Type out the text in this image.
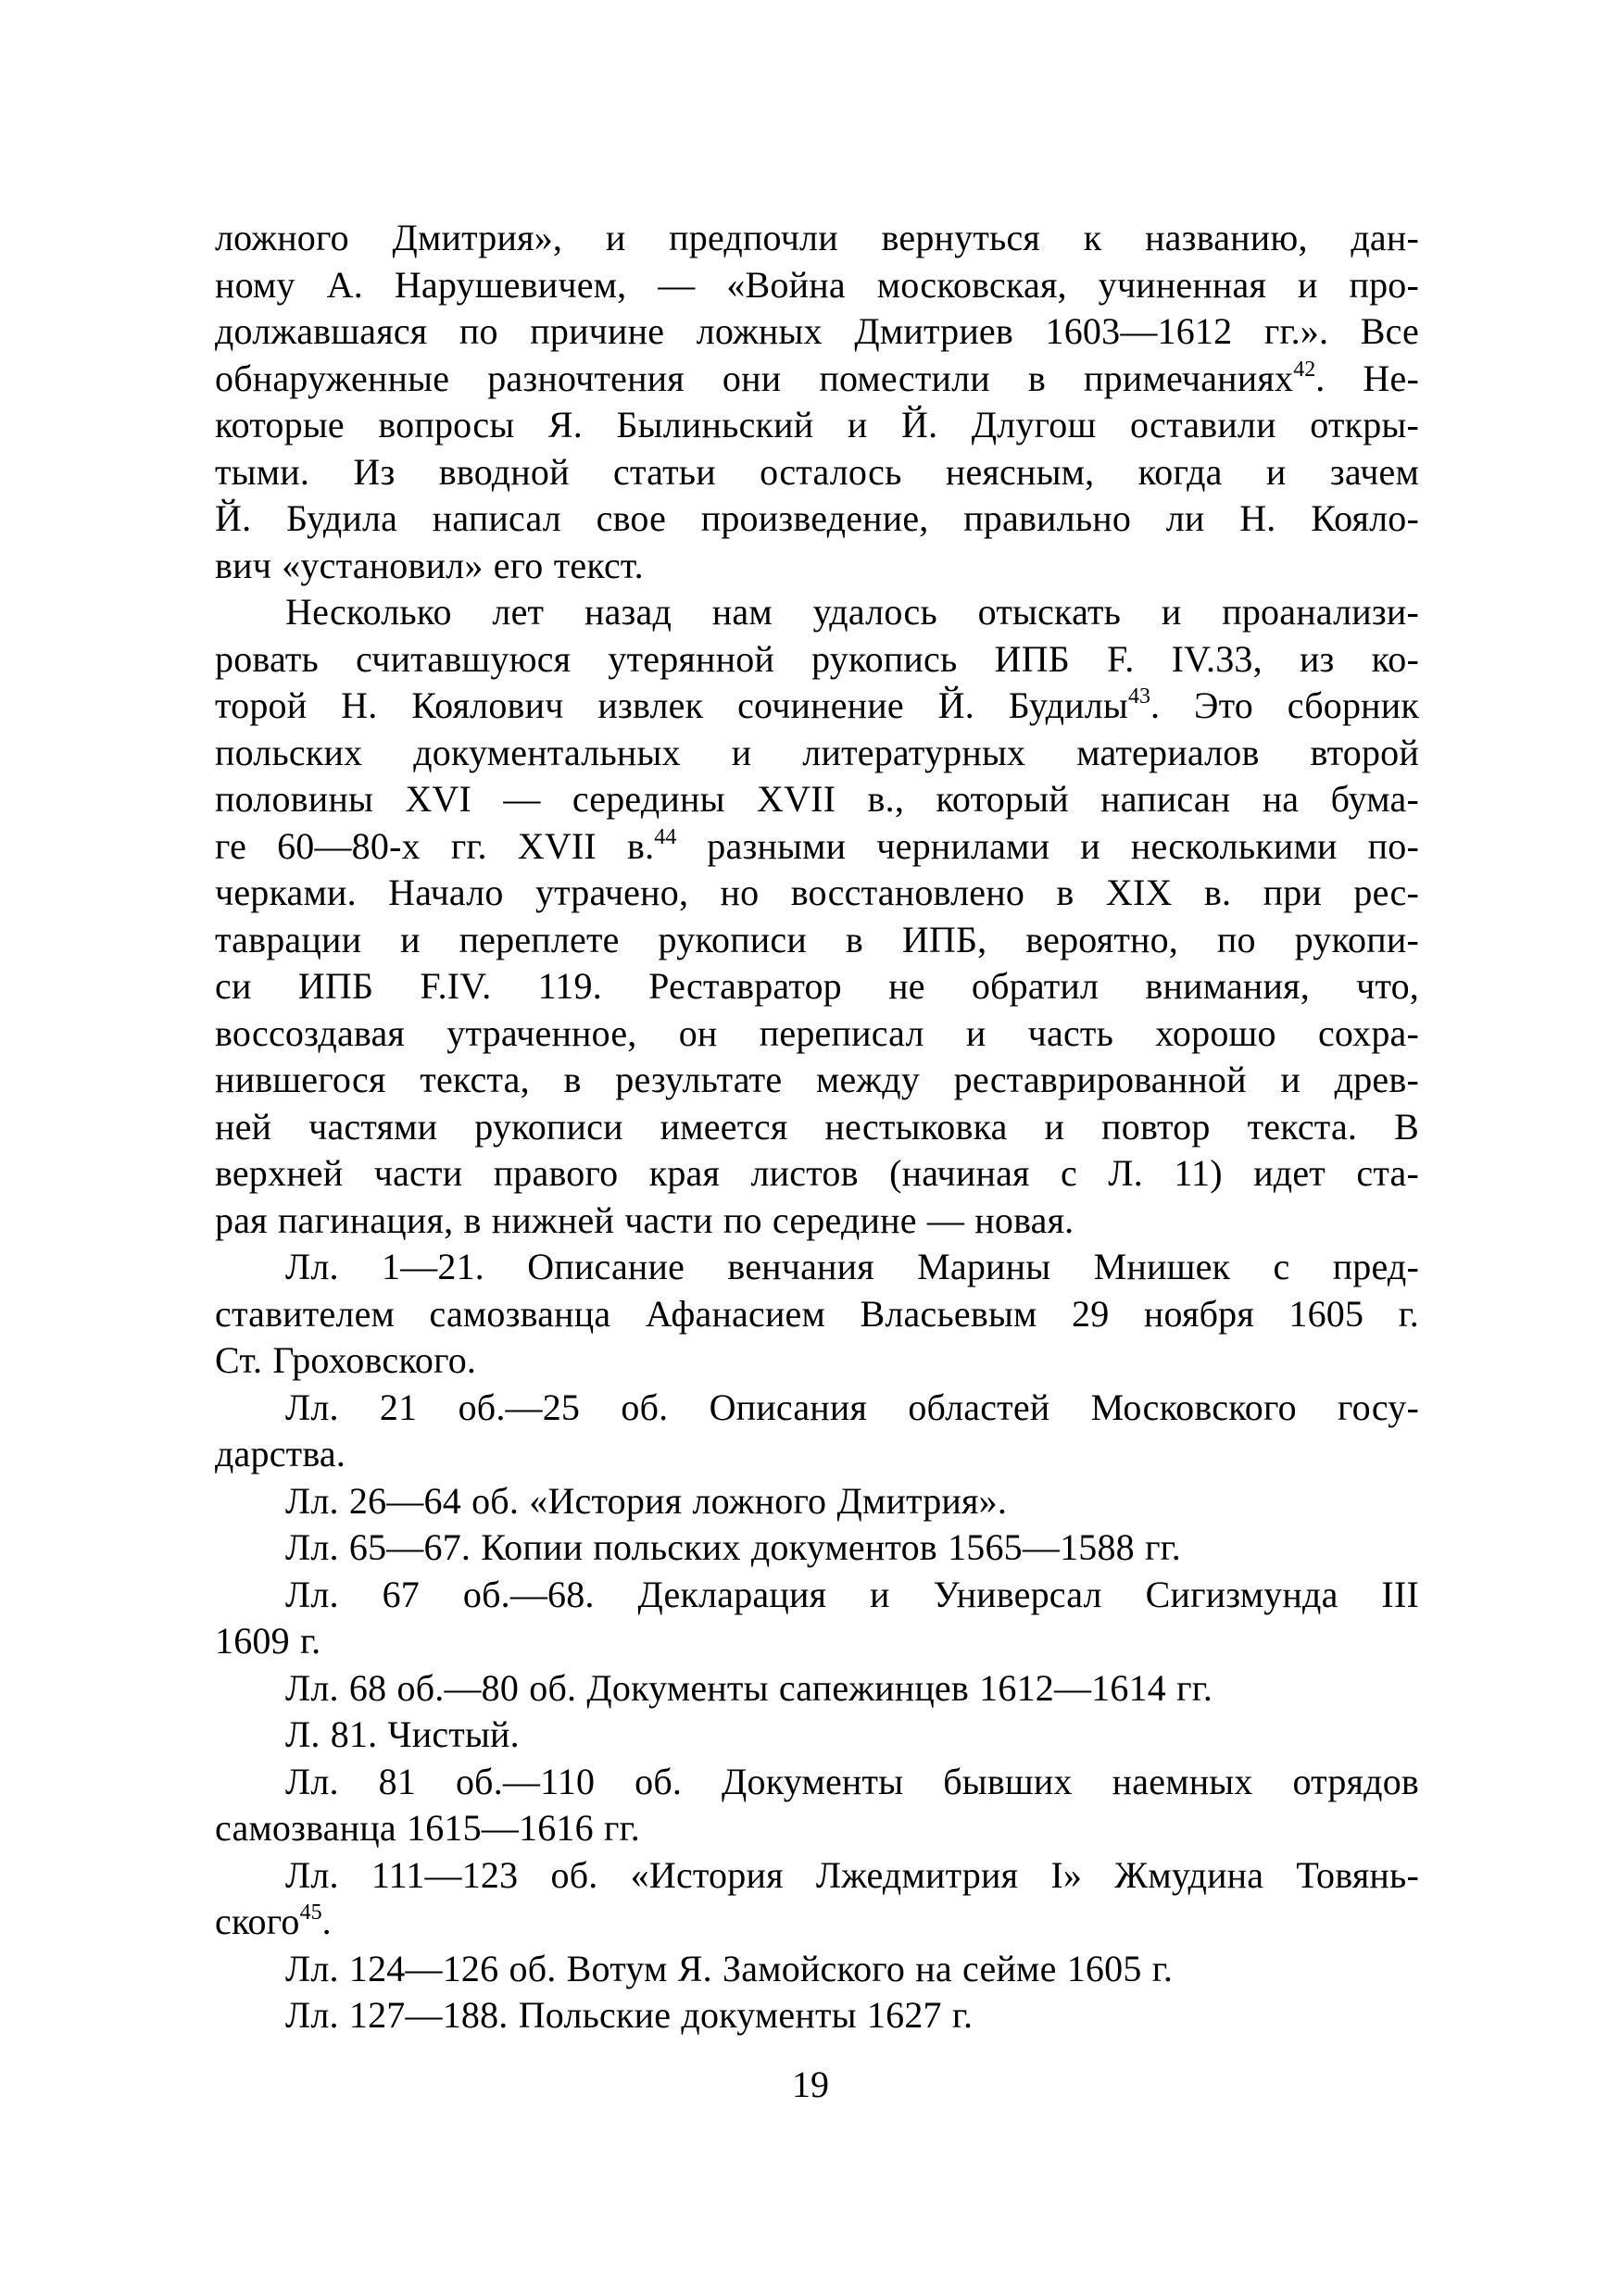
ложного Дмитрия», и предпочли вернуться к названию, дан-
ному А. Нарушевичем, — «Война московская, учиненная и про-
должавшаяся по причине ложных Дмитриев 1603—1612 гг.». Все
обнаруженные разночтения они поместили в примечаниях$^{42}$. Не-
которые вопросы Я. Былиньский и Й. Длугош оставили откры-
тыми. Из вводной статьи осталось неясным, когда и зачем
Й. Будила написал свое произведение, правильно ли Н. Кояло-
вич «установил» его текст.
Несколько лет назад нам удалось отыскать и проанализи-
ровать считавшуюся утерянной рукопись ИПБ F. IV.33, из ко-
торой Н. Коялович извлек сочинение Й. Будилы$^{43}$. Это сборник
польских документальных и литературных материалов второй
половины XVI — середины XVII в., который написан на бума-
ге 60—80-х гг. XVII в.$^{44}$ разными чернилами и несколькими по-
черками. Начало утрачено, но восстановлено в XIX в. при рес-
таврации и переплете рукописи в ИПБ, вероятно, по рукопи-
си ИПБ F.IV. 119. Реставратор не обратил внимания, что,
воссоздавая утраченное, он переписал и часть хорошо сохра-
нившегося текста, в результате между реставрированной и древ-
ней частями рукописи имеется нестыковка и повтор текста. В
верхней части правого края листов (начиная с Л. 11) идет ста-
рая пагинация, в нижней части по середине — новая.
Лл. 1—21. Описание венчания Марины Мнишек с пред-
ставителем самозванца Афанасием Власьевым 29 ноября 1605 г.
Ст. Гроховского.
Лл. 21 об.—25 об. Описания областей Московского госу-
дарства.
Лл. 26—64 об. «История ложного Дмитрия».
Лл. 65—67. Копии польских документов 1565—1588 гг.
Лл. 67 об.—68. Декларация и Универсал Сигизмунда III
1609 г.
Лл. 68 об.—80 об. Документы сапежинцев 1612—1614 гг.
Л. 81. Чистый.
Лл. 81 об.—110 об. Документы бывших наемных отрядов
самозванца 1615—1616 гг.
Лл. 111—123 об. «История Лжедмитрия I» Жмудина Товянь-
ского$^{45}$.
Лл. 124—126 об. Вотум Я. Замойского на сейме 1605 г.
Лл. 127—188. Польские документы 1627 г.
19
